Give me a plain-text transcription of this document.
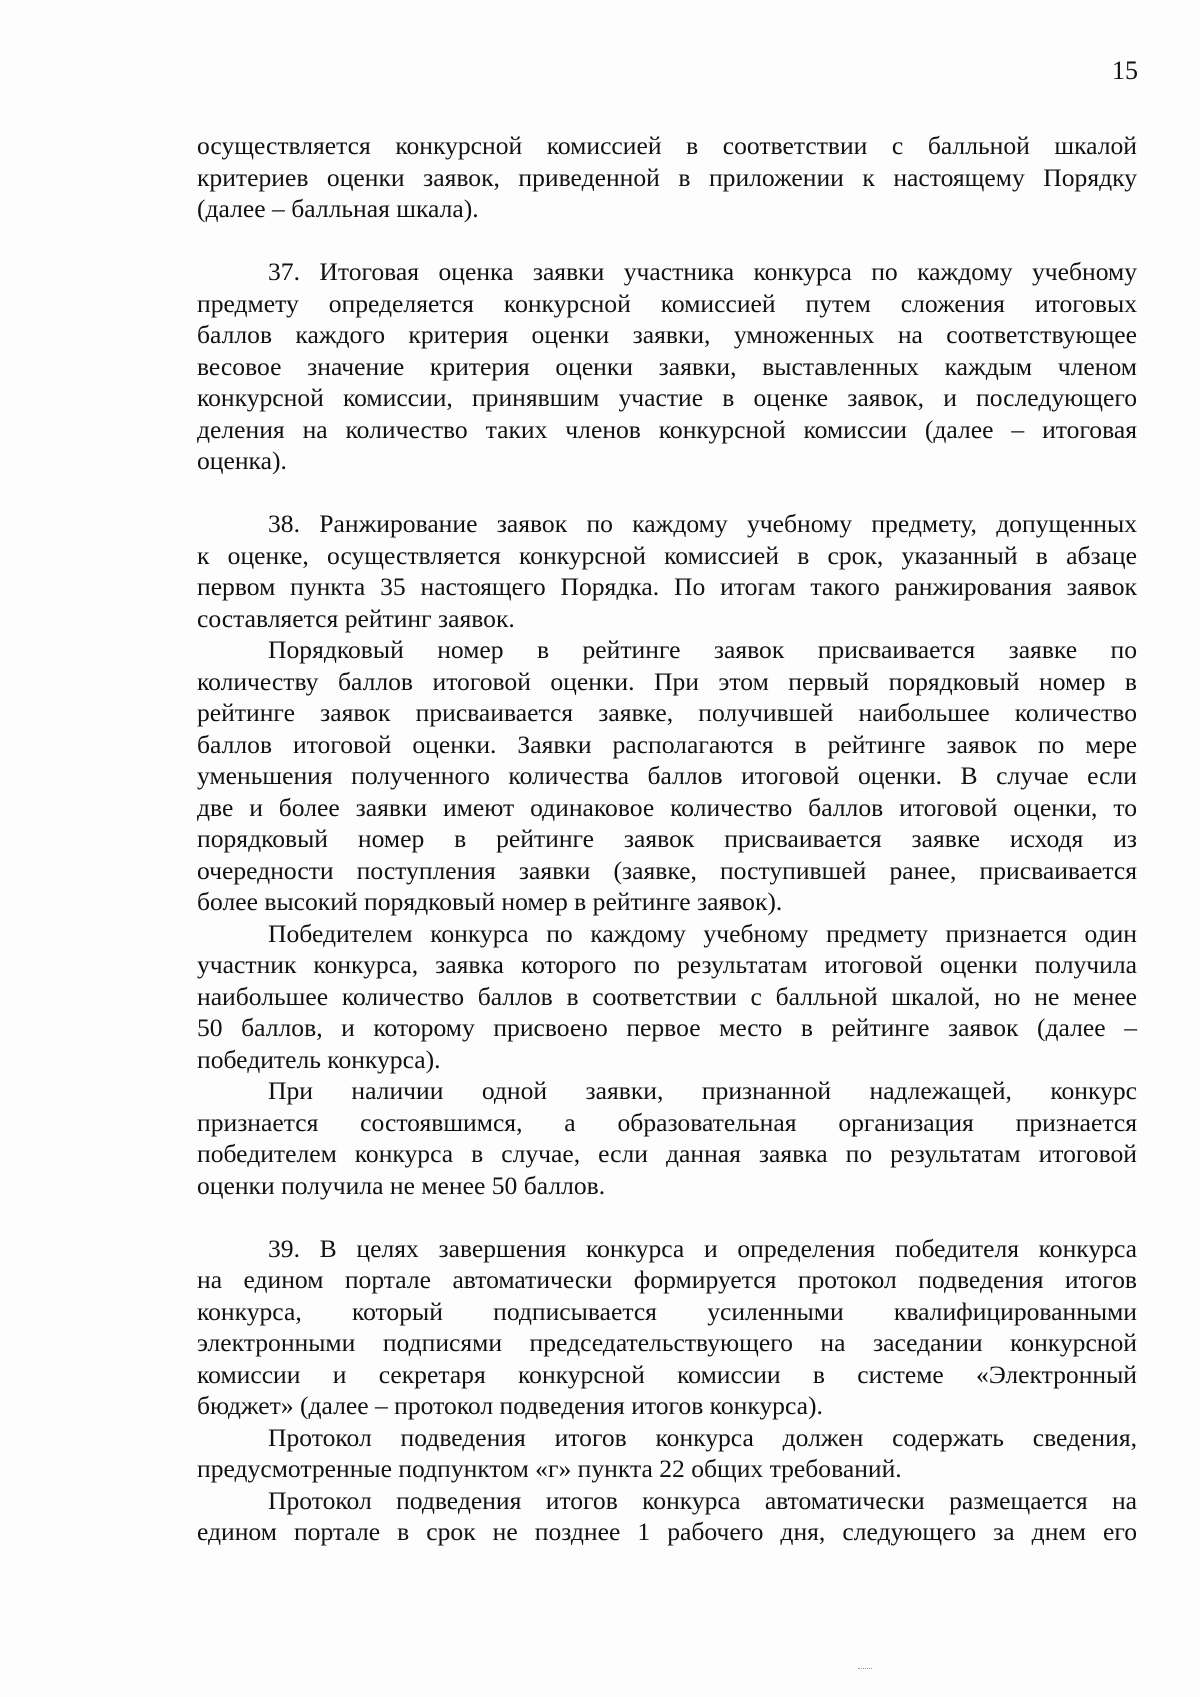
15

осуществляется конкурсной комиссией в соответствии с балльной шкалой

критериев оценки заявок, приведенной в приложении к настоящему Порядку

(далее – балльная шкала).

37. Итоговая оценка заявки участника конкурса по каждому учебному

предмету определяется конкурсной комиссией путем сложения итоговых

баллов каждого критерия оценки заявки, умноженных на соответствующее

весовое значение критерия оценки заявки, выставленных каждым членом

конкурсной комиссии, принявшим участие в оценке заявок, и последующего

деления на количество таких членов конкурсной комиссии (далее – итоговая

оценка).

38. Ранжирование заявок по каждому учебному предмету, допущенных

к оценке, осуществляется конкурсной комиссией в срок, указанный в абзаце

первом пункта 35 настоящего Порядка. По итогам такого ранжирования заявок

составляется рейтинг заявок.

Порядковый номер в рейтинге заявок присваивается заявке по

количеству баллов итоговой оценки. При этом первый порядковый номер в

рейтинге заявок присваивается заявке, получившей наибольшее количество

баллов итоговой оценки. Заявки располагаются в рейтинге заявок по мере

уменьшения полученного количества баллов итоговой оценки. В случае если

две и более заявки имеют одинаковое количество баллов итоговой оценки, то

порядковый номер в рейтинге заявок присваивается заявке исходя из

очередности поступления заявки (заявке, поступившей ранее, присваивается

более высокий порядковый номер в рейтинге заявок).

Победителем конкурса по каждому учебному предмету признается один

участник конкурса, заявка которого по результатам итоговой оценки получила

наибольшее количество баллов в соответствии с балльной шкалой, но не менее

50 баллов, и которому присвоено первое место в рейтинге заявок (далее –

победитель конкурса).

При наличии одной заявки, признанной надлежащей, конкурс

признается состоявшимся, а образовательная организация признается

победителем конкурса в случае, если данная заявка по результатам итоговой

оценки получила не менее 50 баллов.

39. В целях завершения конкурса и определения победителя конкурса

на едином портале автоматически формируется протокол подведения итогов

конкурса, который подписывается усиленными квалифицированными

электронными подписями председательствующего на заседании конкурсной

комиссии и секретаря конкурсной комиссии в системе «Электронный

бюджет» (далее – протокол подведения итогов конкурса).

Протокол подведения итогов конкурса должен содержать сведения,

предусмотренные подпунктом «г» пункта 22 общих требований.

Протокол подведения итогов конкурса автоматически размещается на

едином портале в срок не позднее 1 рабочего дня, следующего за днем его
